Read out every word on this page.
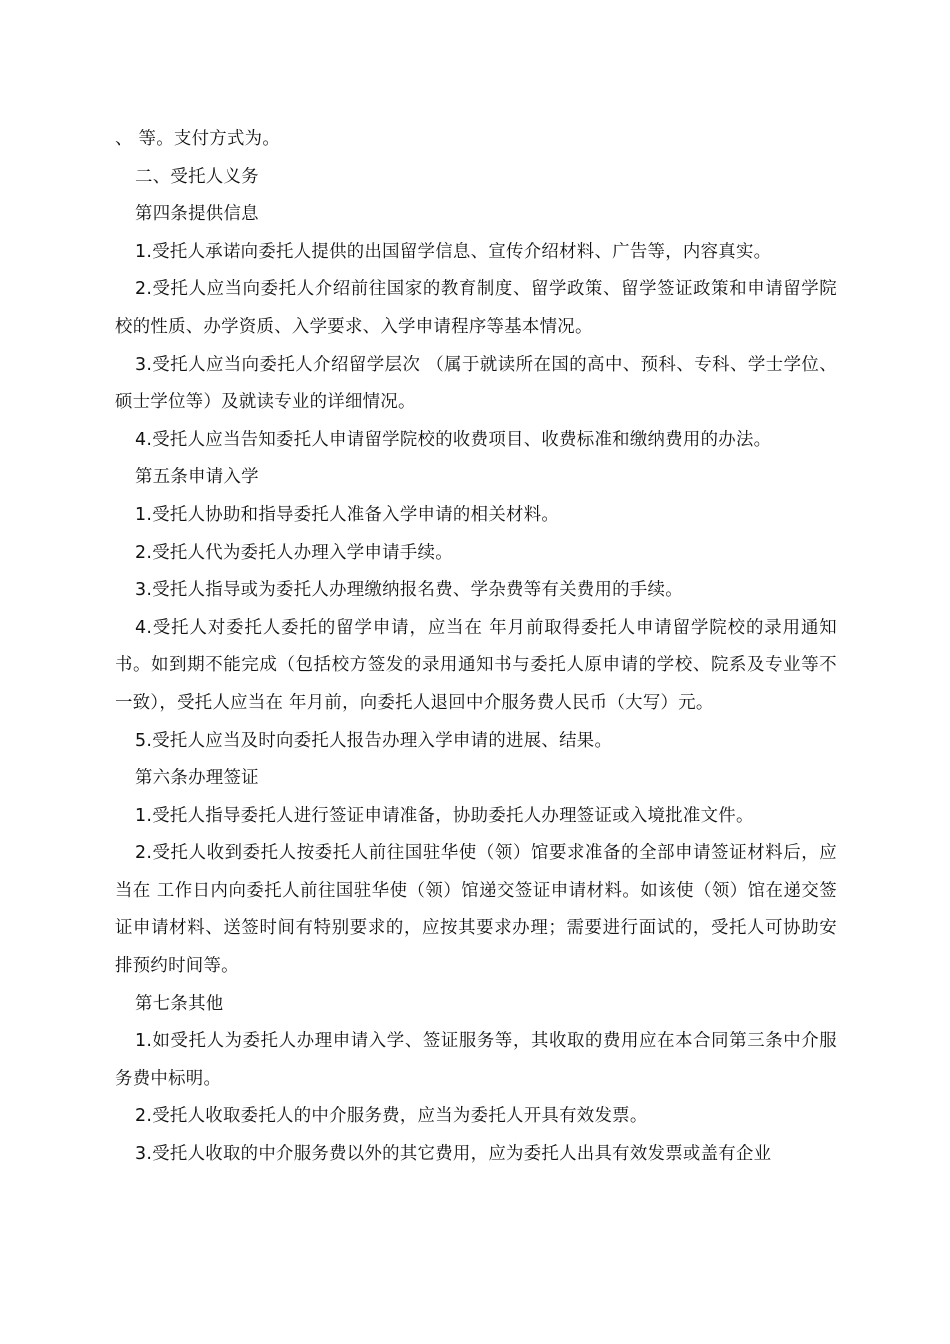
、 等。支付方式为。

二、受托人义务

第四条提供信息

1.受托人承诺向委托人提供的出国留学信息、宣传介绍材料、广告等，内容真实。

2.受托人应当向委托人介绍前往国家的教育制度、留学政策、留学签证政策和申请留学院校的性质、办学资质、入学要求、入学申请程序等基本情况。

3.受托人应当向委托人介绍留学层次 （属于就读所在国的高中、预科、专科、学士学位、硕士学位等）及就读专业的详细情况。

4.受托人应当告知委托人申请留学院校的收费项目、收费标准和缴纳费用的办法。

第五条申请入学

1.受托人协助和指导委托人准备入学申请的相关材料。

2.受托人代为委托人办理入学申请手续。

3.受托人指导或为委托人办理缴纳报名费、学杂费等有关费用的手续。

4.受托人对委托人委托的留学申请，应当在 年月前取得委托人申请留学院校的录用通知书。如到期不能完成（包括校方签发的录用通知书与委托人原申请的学校、院系及专业等不一致），受托人应当在 年月前，向委托人退回中介服务费人民币（大写）元。

5.受托人应当及时向委托人报告办理入学申请的进展、结果。

第六条办理签证

1.受托人指导委托人进行签证申请准备，协助委托人办理签证或入境批准文件。

2.受托人收到委托人按委托人前往国驻华使（领）馆要求准备的全部申请签证材料后，应当在 工作日内向委托人前往国驻华使（领）馆递交签证申请材料。如该使（领）馆在递交签证申请材料、送签时间有特别要求的，应按其要求办理；需要进行面试的，受托人可协助安排预约时间等。

第七条其他

1.如受托人为委托人办理申请入学、签证服务等，其收取的费用应在本合同第三条中介服务费中标明。

2.受托人收取委托人的中介服务费，应当为委托人开具有效发票。

3.受托人收取的中介服务费以外的其它费用，应为委托人出具有效发票或盖有企业
